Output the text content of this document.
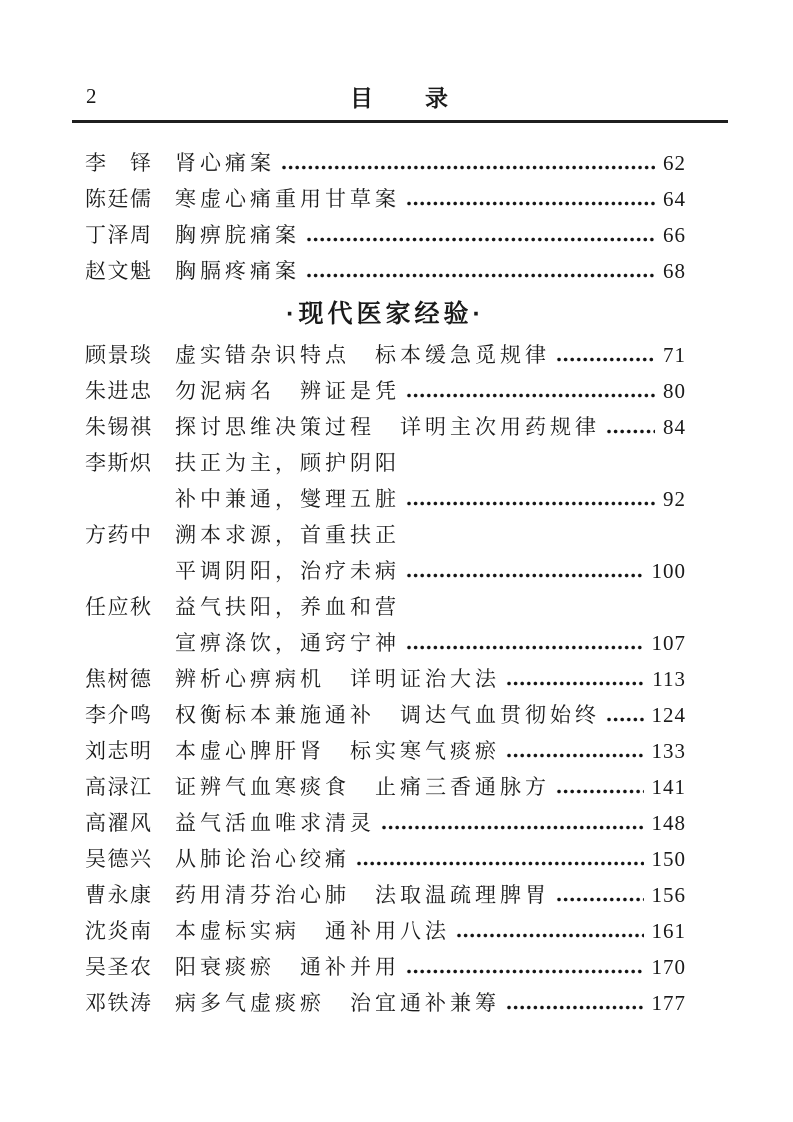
2	目　　录
李　铎	肾心痛案	62
陈廷儒	寒虚心痛重用甘草案	64
丁泽周	胸痹脘痛案	66
赵文魁	胸膈疼痛案	68
·现代医家经验·
顾景琰	虚实错杂识特点　标本缓急觅规律	71
朱进忠	勿泥病名　辨证是凭	80
朱锡祺	探讨思维决策过程　详明主次用药规律	84
李斯炽	扶正为主，顾护阴阳
补中兼通，燮理五脏	92
方药中	溯本求源，首重扶正
平调阴阳，治疗未病	100
任应秋	益气扶阳，养血和营
宣痹涤饮，通窍宁神	107
焦树德	辨析心痹病机　详明证治大法	113
李介鸣	权衡标本兼施通补　调达气血贯彻始终 124
刘志明	本虚心脾肝肾　标实寒气痰瘀	133
高渌江	证辨气血寒痰食　止痛三香通脉方	141
高濯风	益气活血唯求清灵	148
吴德兴	从肺论治心绞痛	150
曹永康	药用清芬治心肺　法取温疏理脾胃	156
沈炎南	本虚标实病　通补用八法	161
吴圣农	阳衰痰瘀　通补并用	170
邓铁涛	病多气虚痰瘀　治宜通补兼筹	177
